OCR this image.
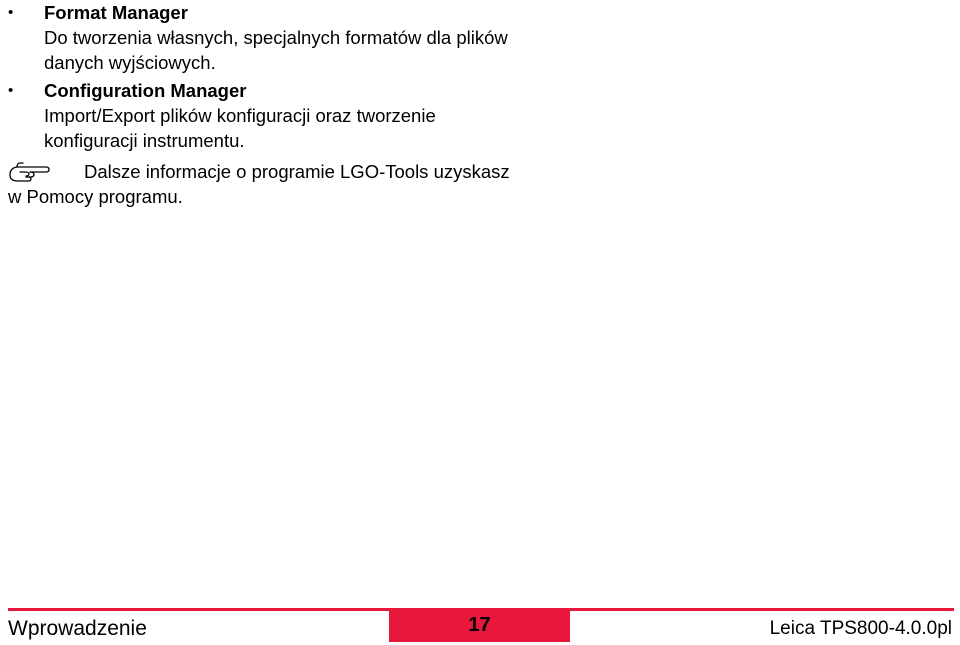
•	Format Manager
Do tworzenia własnych, specjalnych formatów dla plików danych wyjściowych.
•	Configuration Manager
Import/Export plików konfiguracji oraz tworzenie konfiguracji instrumentu.
Dalsze informacje o programie LGO-Tools uzyskasz w Pomocy programu.
Wprowadzenie	17	Leica TPS800-4.0.0pl
